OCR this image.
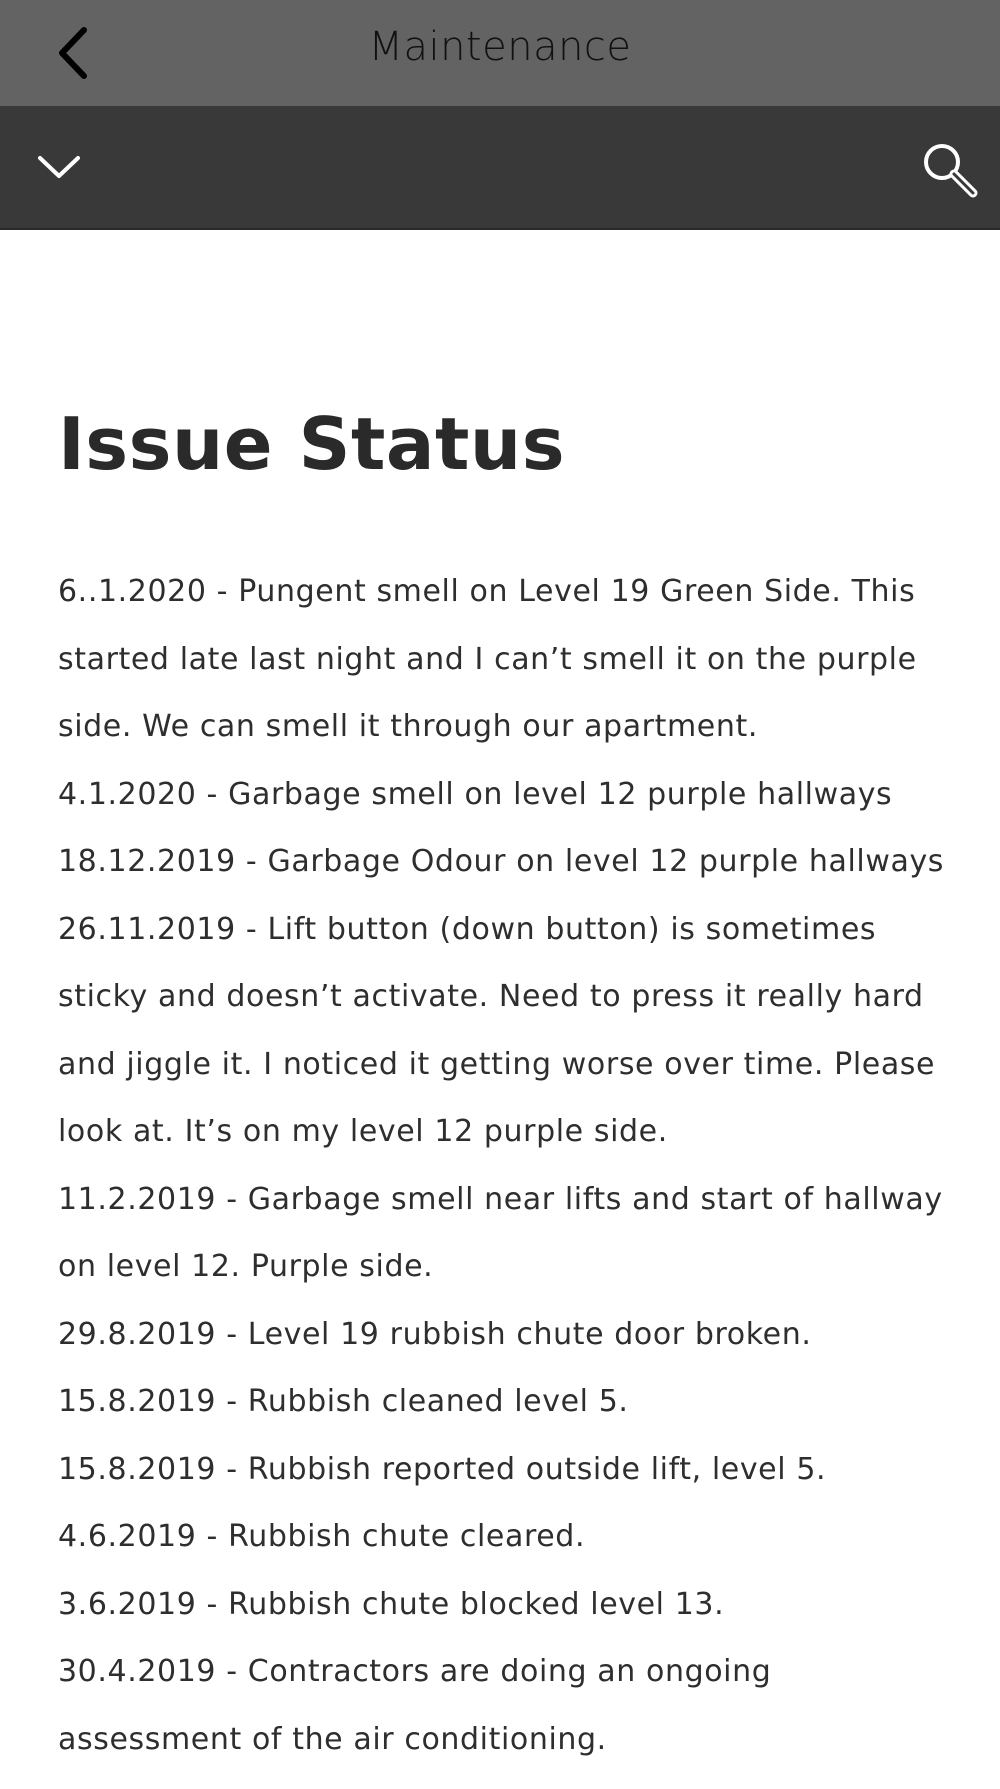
Maintenance
Issue Status
6..1.2020 - Pungent smell on Level 19 Green Side. This started late last night and I can’t smell it on the purple side. We can smell it through our apartment.
4.1.2020 - Garbage smell on level 12 purple hallways
18.12.2019 - Garbage Odour on level 12 purple hallways
26.11.2019 - Lift button (down button) is sometimes sticky and doesn’t activate. Need to press it really hard and jiggle it. I noticed it getting worse over time. Please look at. It’s on my level 12 purple side.
11.2.2019 - Garbage smell near lifts and start of hallway on level 12. Purple side.
29.8.2019 - Level 19 rubbish chute door broken.
15.8.2019 - Rubbish cleaned level 5.
15.8.2019 - Rubbish reported outside lift, level 5.
4.6.2019 - Rubbish chute cleared.
3.6.2019 - Rubbish chute blocked level 13.
30.4.2019 - Contractors are doing an ongoing assessment of the air conditioning.
